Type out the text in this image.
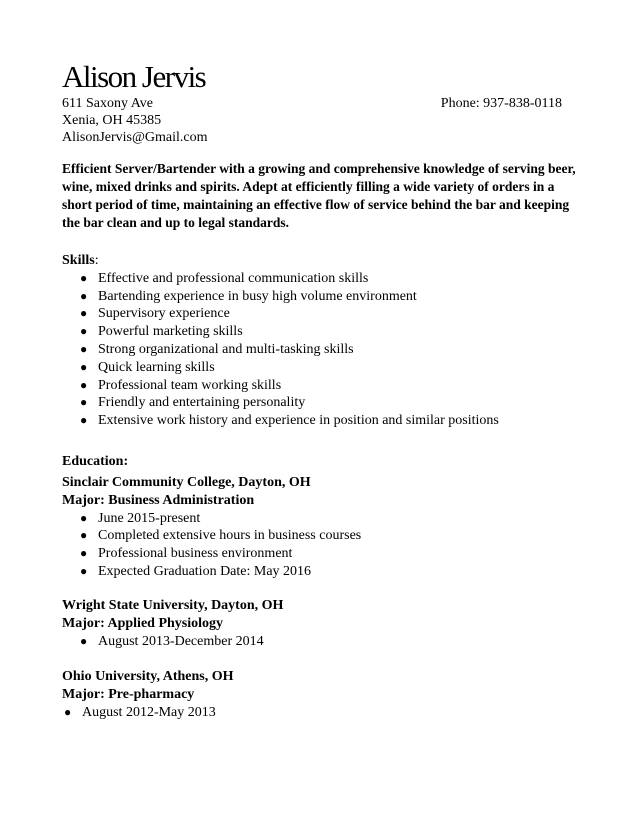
Alison Jervis
611 Saxony Ave	Phone: 937-838-0118
Xenia, OH 45385
AlisonJervis@Gmail.com
Efficient Server/Bartender with a growing and comprehensive knowledge of serving beer, wine, mixed drinks and spirits. Adept at efficiently filling a wide variety of orders in a short period of time, maintaining an effective flow of service behind the bar and keeping the bar clean and up to legal standards.
Skills:
● Effective and professional communication skills
● Bartending experience in busy high volume environment
● Supervisory experience
● Powerful marketing skills
● Strong organizational and multi-tasking skills
● Quick learning skills
● Professional team working skills
● Friendly and entertaining personality
● Extensive work history and experience in position and similar positions
Education:
Sinclair Community College, Dayton, OH
Major: Business Administration
● June 2015-present
● Completed extensive hours in business courses
● Professional business environment
● Expected Graduation Date: May 2016
Wright State University, Dayton, OH
Major: Applied Physiology
● August 2013-December 2014
Ohio University, Athens, OH
Major: Pre-pharmacy
● August 2012-May 2013
